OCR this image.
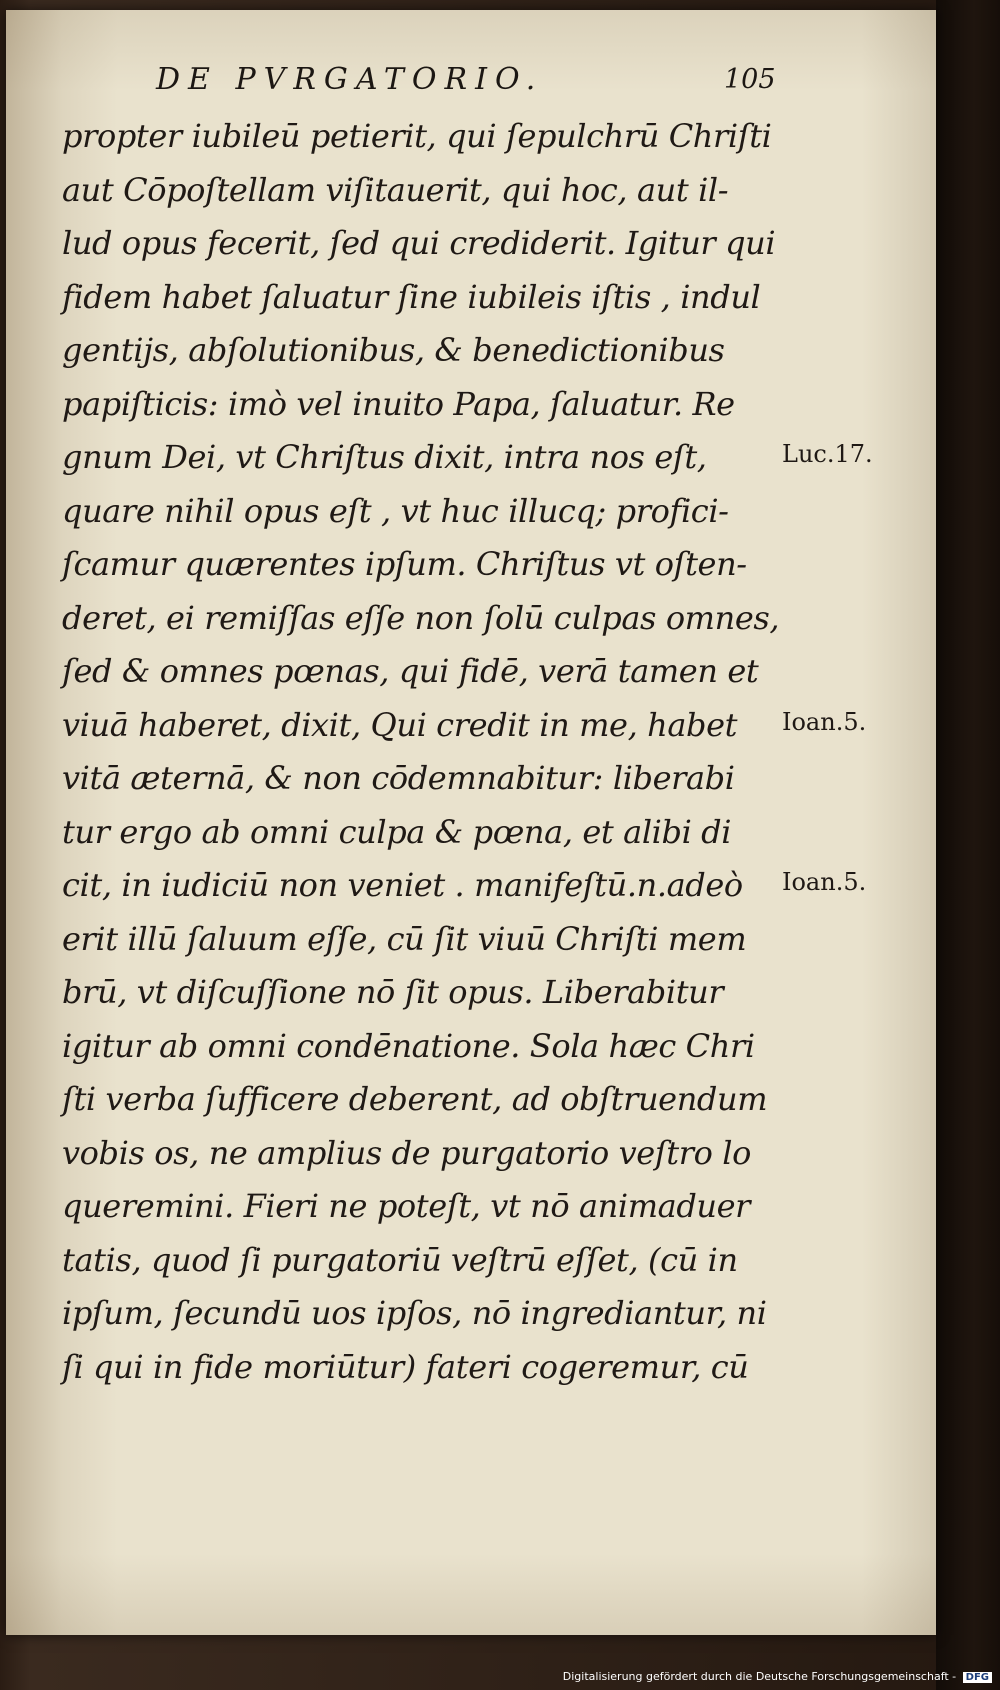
DE PVRGATORIO.	105
propter iubileū petierit, qui ſepulchrū Chriſti
aut Cōpoſtellam viſitauerit, qui hoc, aut il-
lud opus fecerit, ſed qui crediderit. Igitur qui
fidem habet ſaluatur ſine iubileis iſtis , indul
gentijs, abſolutionibus, & benedictionibus
papiſticis: imò vel inuito Papa, ſaluatur. Re
gnum Dei, vt Chriſtus dixit, intra nos eſt,
quare nihil opus eſt , vt huc illucq; profici-
ſcamur quærentes ipſum. Chriſtus vt oſten-
deret, ei remiſſas eſſe non ſolū culpas omnes,
ſed & omnes pœnas, qui fidē, verā tamen et
viuā haberet, dixit, Qui credit in me, habet
vitā æternā, & non cōdemnabitur: liberabi
tur ergo ab omni culpa & pœna, et alibi di
cit, in iudiciū non veniet . manifeſtū.n.adeò
erit illū ſaluum eſſe, cū ſit viuū Chriſti mem
brū, vt diſcuſſione nō ſit opus. Liberabitur
igitur ab omni condēnatione. Sola hæc Chri
ſti verba ſufficere deberent, ad obſtruendum
vobis os, ne amplius de purgatorio veſtro lo
queremini. Fieri ne poteſt, vt nō animaduer
tatis, quod ſi purgatoriū veſtrū eſſet, (cū in
ipſum, ſecundū uos ipſos, nō ingrediantur, ni
ſi qui in fide moriūtur) fateri cogeremur, cū
Luc.17.
Ioan.5.
Ioan.5.
Digitalisierung gefördert durch die Deutsche Forschungsgemeinschaft - DFG
